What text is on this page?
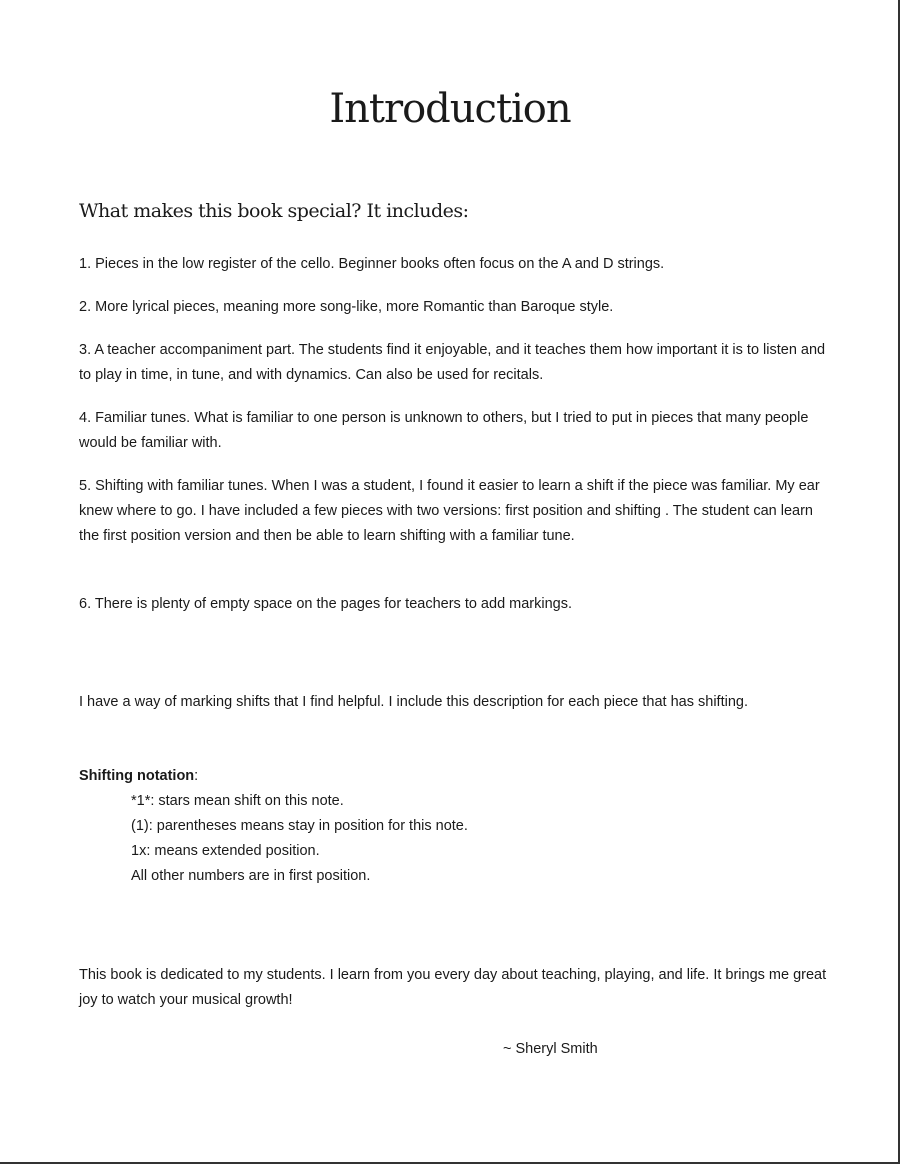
Introduction
What makes this book special? It includes:

1. Pieces in the low register of the cello. Beginner books often focus on the A and D strings.

2. More lyrical pieces, meaning more song-like, more Romantic than Baroque style.

3. A teacher accompaniment part. The students find it enjoyable, and it teaches them how important it is to listen and to play in time, in tune, and with dynamics. Can also be used for recitals.

4. Familiar tunes. What is familiar to one person is unknown to others, but I tried to put in pieces that many people would be familiar with.

5. Shifting with familiar tunes. When I was a student, I found it easier to learn a shift if the piece was familiar. My ear knew where to go. I have included a few pieces with two versions: first position and shifting . The student can learn the first position version and then be able to learn shifting with a familiar tune.

6. There is plenty of empty space on the pages for teachers to add markings.

I have a way of marking shifts that I find helpful. I include this description for each piece that has shifting.

Shifting notation:

*1*: stars mean shift on this note.
(1): parentheses means stay in position for this note.
1x: means extended position.
All other numbers are in first position.

This book is dedicated to my students. I learn from you every day about teaching, playing, and life. It brings me great joy to watch your musical growth!

~ Sheryl Smith
